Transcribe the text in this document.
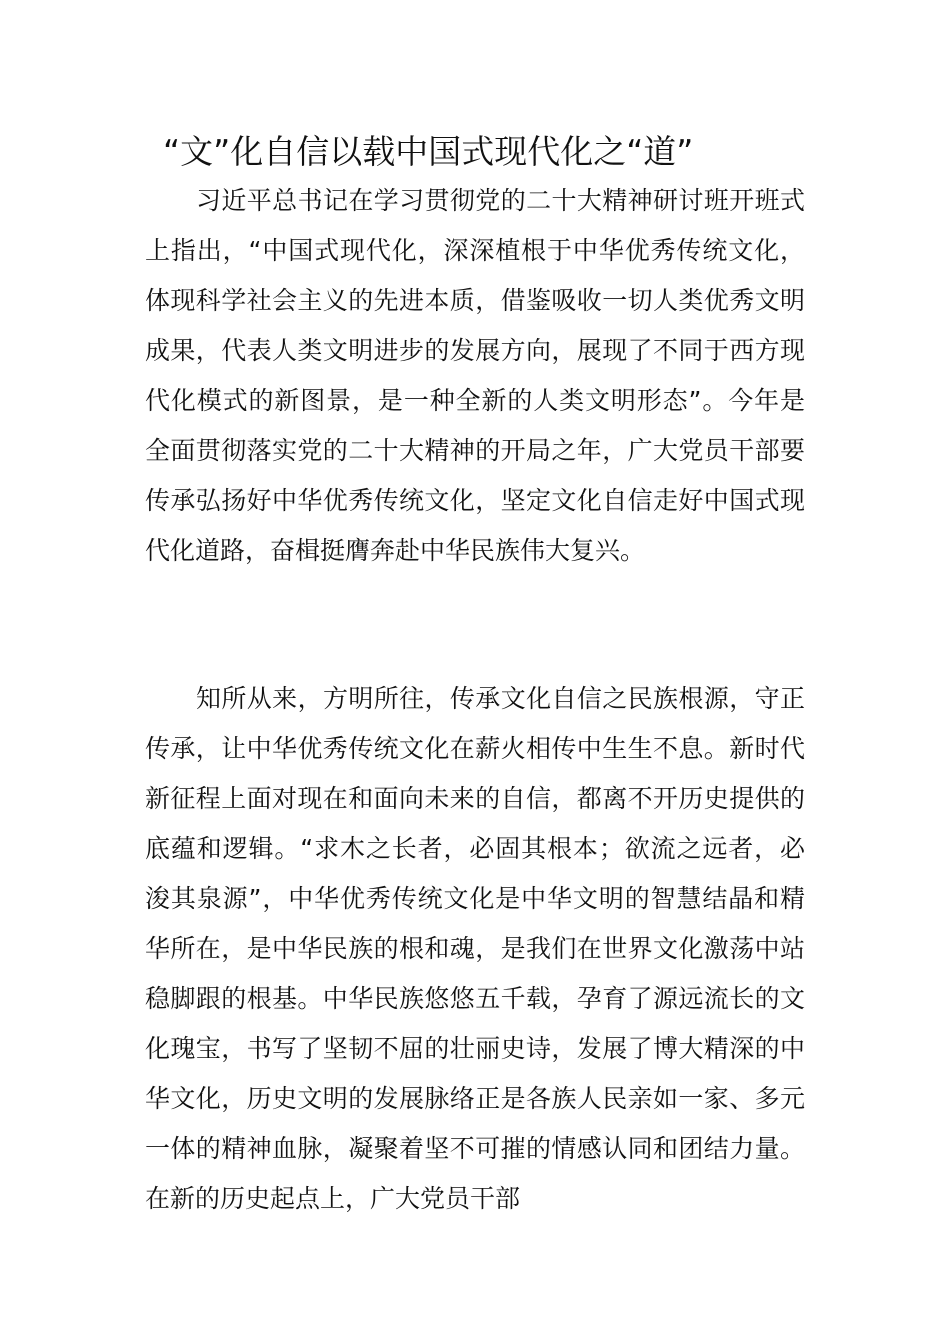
“文”化自信以载中国式现代化之“道”

习近平总书记在学习贯彻党的二十大精神研讨班开班式上指出，“中国式现代化，深深植根于中华优秀传统文化，体现科学社会主义的先进本质，借鉴吸收一切人类优秀文明成果，代表人类文明进步的发展方向，展现了不同于西方现代化模式的新图景，是一种全新的人类文明形态”。今年是全面贯彻落实党的二十大精神的开局之年，广大党员干部要传承弘扬好中华优秀传统文化，坚定文化自信走好中国式现代化道路，奋楫挺膺奔赴中华民族伟大复兴。

知所从来，方明所往，传承文化自信之民族根源，守正传承，让中华优秀传统文化在薪火相传中生生不息。新时代新征程上面对现在和面向未来的自信，都离不开历史提供的底蕴和逻辑。“求木之长者，必固其根本；欲流之远者，必浚其泉源”，中华优秀传统文化是中华文明的智慧结晶和精华所在，是中华民族的根和魂，是我们在世界文化激荡中站稳脚跟的根基。中华民族悠悠五千载，孕育了源远流长的文化瑰宝，书写了坚韧不屈的壮丽史诗，发展了博大精深的中华文化，历史文明的发展脉络正是各族人民亲如一家、多元一体的精神血脉，凝聚着坚不可摧的情感认同和团结力量。在新的历史起点上，广大党员干部
